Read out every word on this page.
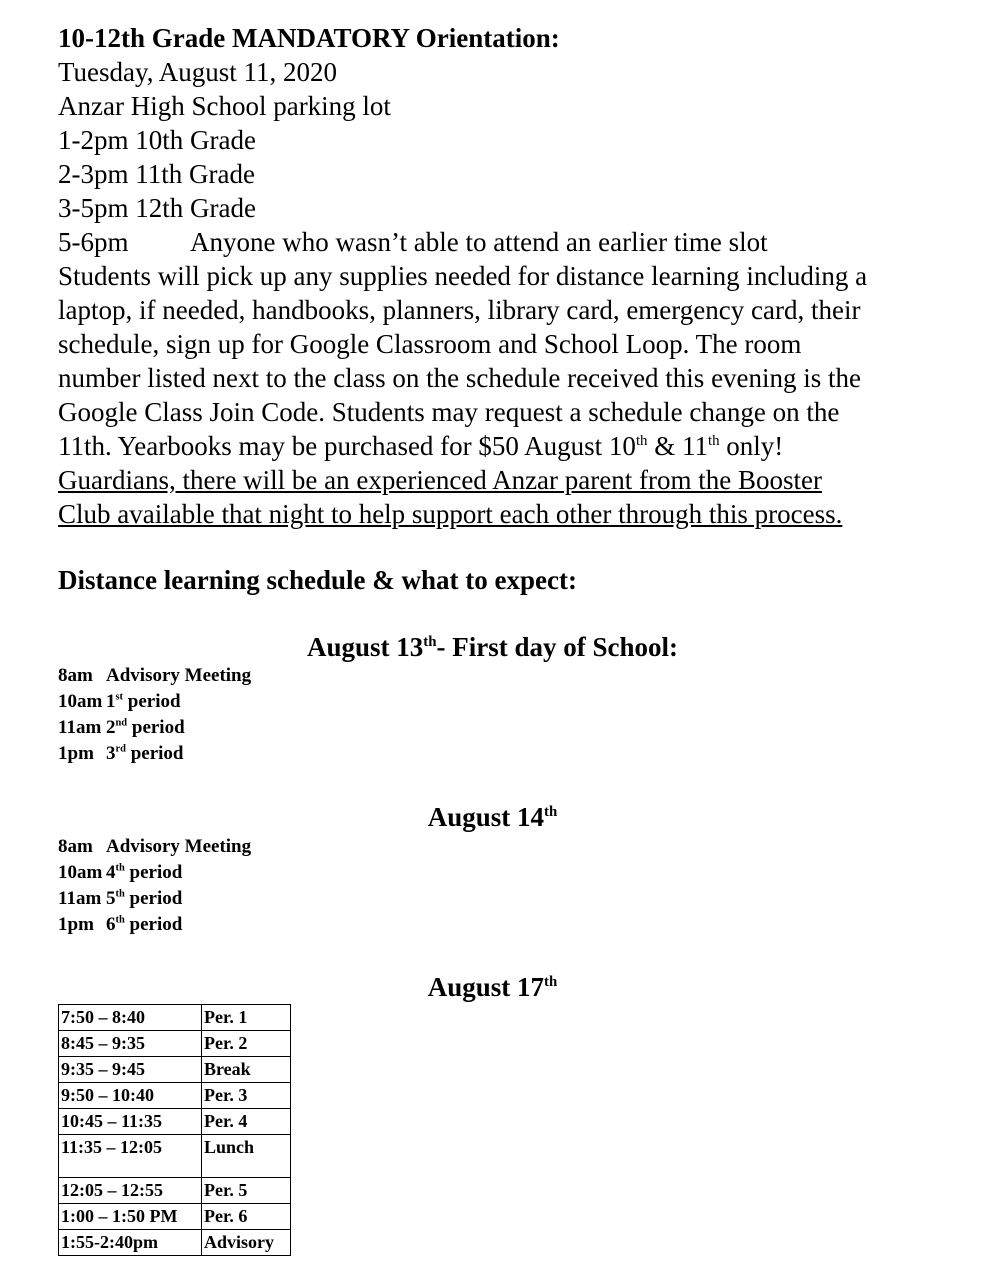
10-12th Grade MANDATORY Orientation:
Tuesday, August 11, 2020
Anzar High School parking lot
1-2pm 10th Grade
2-3pm 11th Grade
3-5pm 12th Grade
5-6pm Anyone who wasn’t able to attend an earlier time slot
Students will pick up any supplies needed for distance learning including a
laptop, if needed, handbooks, planners, library card, emergency card, their
schedule, sign up for Google Classroom and School Loop. The room
number listed next to the class on the schedule received this evening is the
Google Class Join Code. Students may request a schedule change on the
11th. Yearbooks may be purchased for $50 August 10th & 11th only!
Guardians, there will be an experienced Anzar parent from the Booster
Club available that night to help support each other through this process.
Distance learning schedule & what to expect:
August 13th- First day of School:
8am Advisory Meeting
10am 1st period
11am 2nd period
1pm 3rd period
August 14th
8am Advisory Meeting
10am 4th period
11am 5th period
1pm 6th period
August 17th
7:50 – 8:40	Per. 1
8:45 – 9:35	Per. 2
9:35 – 9:45	Break
9:50 – 10:40	Per. 3
10:45 – 11:35	Per. 4
11:35 – 12:05	Lunch
12:05 – 12:55	Per. 5
1:00 – 1:50 PM	Per. 6
1:55-2:40pm	Advisory
